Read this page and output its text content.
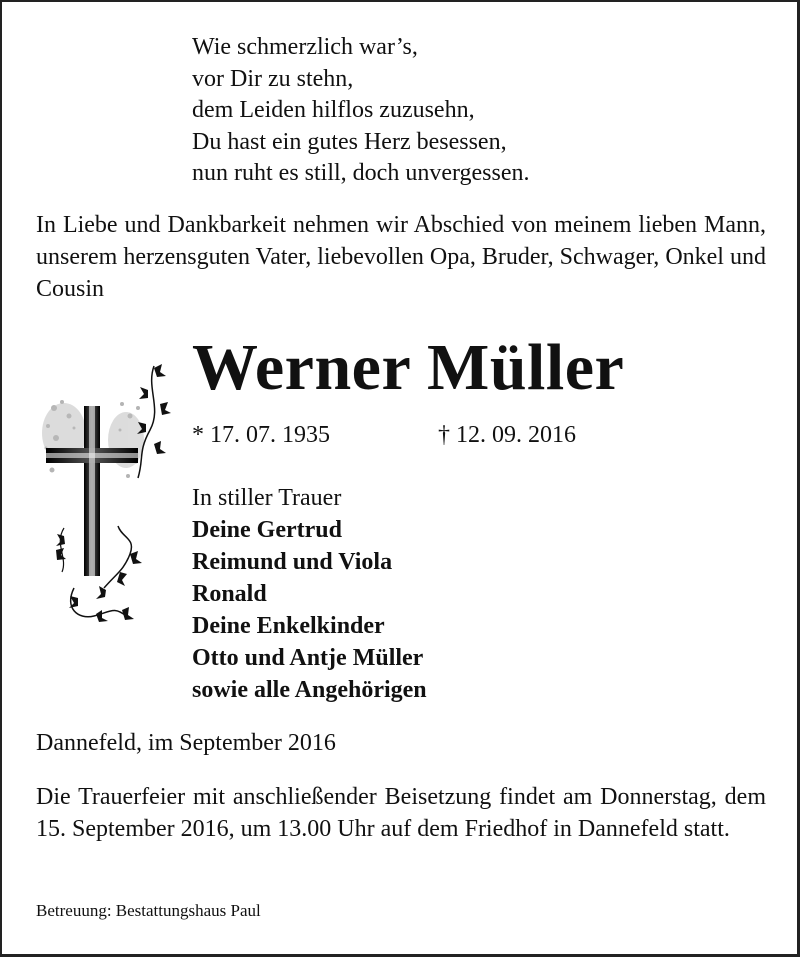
Wie schmerzlich war’s,
vor Dir zu stehn,
dem Leiden hilflos zuzusehn,
Du hast ein gutes Herz besessen,
nun ruht es still, doch unvergessen.

In Liebe und Dankbarkeit nehmen wir Abschied von meinem lieben Mann, unserem herzensguten Vater, liebevollen Opa, Bruder, Schwager, Onkel und Cousin

Werner Müller
* 17. 07. 1935	† 12. 09. 2016

In stiller Trauer

Deine Gertrud
Reimund und Viola
Ronald
Deine Enkelkinder
Otto und Antje Müller
sowie alle Angehörigen

Dannefeld, im September 2016

Die Trauerfeier mit anschließender Beisetzung findet am Donnerstag, dem 15. September 2016, um 13.00 Uhr auf dem Friedhof in Dannefeld statt.

Betreuung: Bestattungshaus Paul
